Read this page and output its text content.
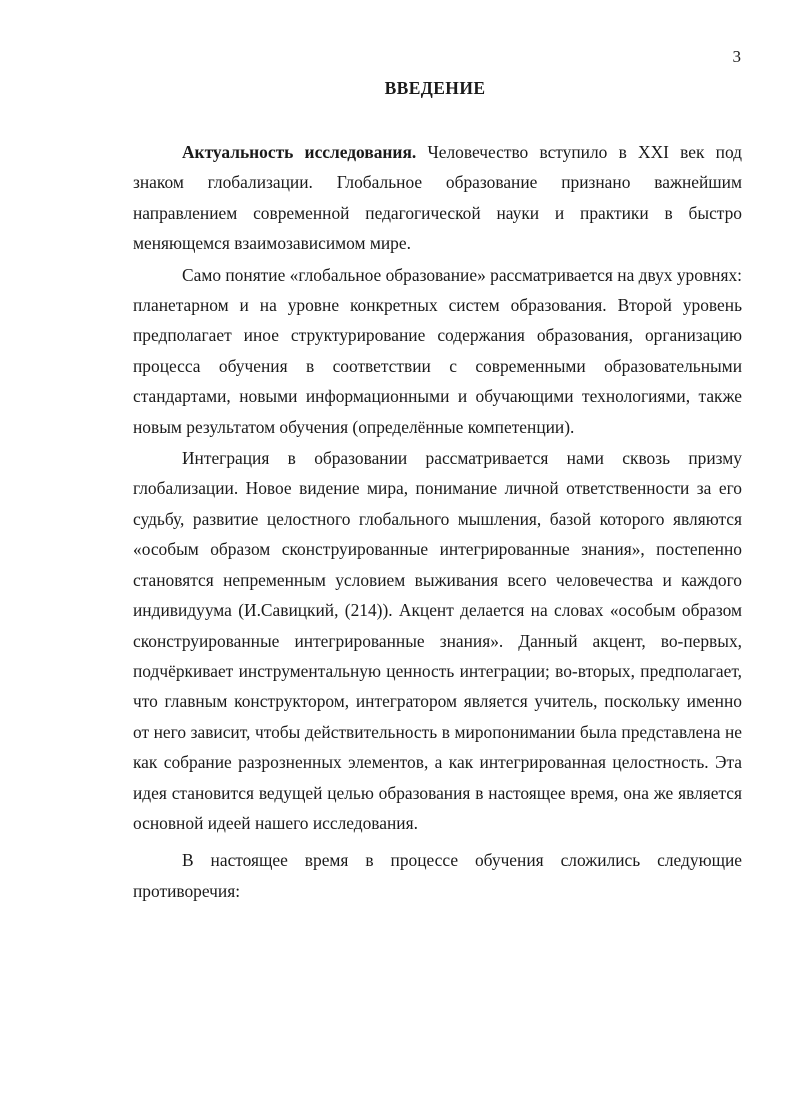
3
ВВЕДЕНИЕ

Актуальность исследования. Человечество вступило в XXI век под знаком глобализации. Глобальное образование признано важнейшим направлением современной педагогической науки и практики в быстро меняющемся взаимозависимом мире.

Само понятие «глобальное образование» рассматривается на двух уровнях: планетарном и на уровне конкретных систем образования. Второй уровень предполагает иное структурирование содержания образования, организацию процесса обучения в соответствии с современными образовательными стандартами, новыми информационными и обучающими технологиями, также новым результатом обучения (определённые компетенции).

Интеграция в образовании рассматривается нами сквозь призму глобализации. Новое видение мира, понимание личной ответственности за его судьбу, развитие целостного глобального мышления, базой которого являются «особым образом сконструированные интегрированные знания», постепенно становятся непременным условием выживания всего человечества и каждого индивидуума (И.Савицкий, (214)). Акцент делается на словах «особым образом сконструированные интегрированные знания». Данный акцент, во-первых, подчёркивает инструментальную ценность интеграции; во-вторых, предполагает, что главным конструктором, интегратором является учитель, поскольку именно от него зависит, чтобы действительность в миропонимании была представлена не как собрание разрозненных элементов, а как интегрированная целостность. Эта идея становится ведущей целью образования в настоящее время, она же является основной идеей нашего исследования.

В настоящее время в процессе обучения сложились следующие противоречия:
